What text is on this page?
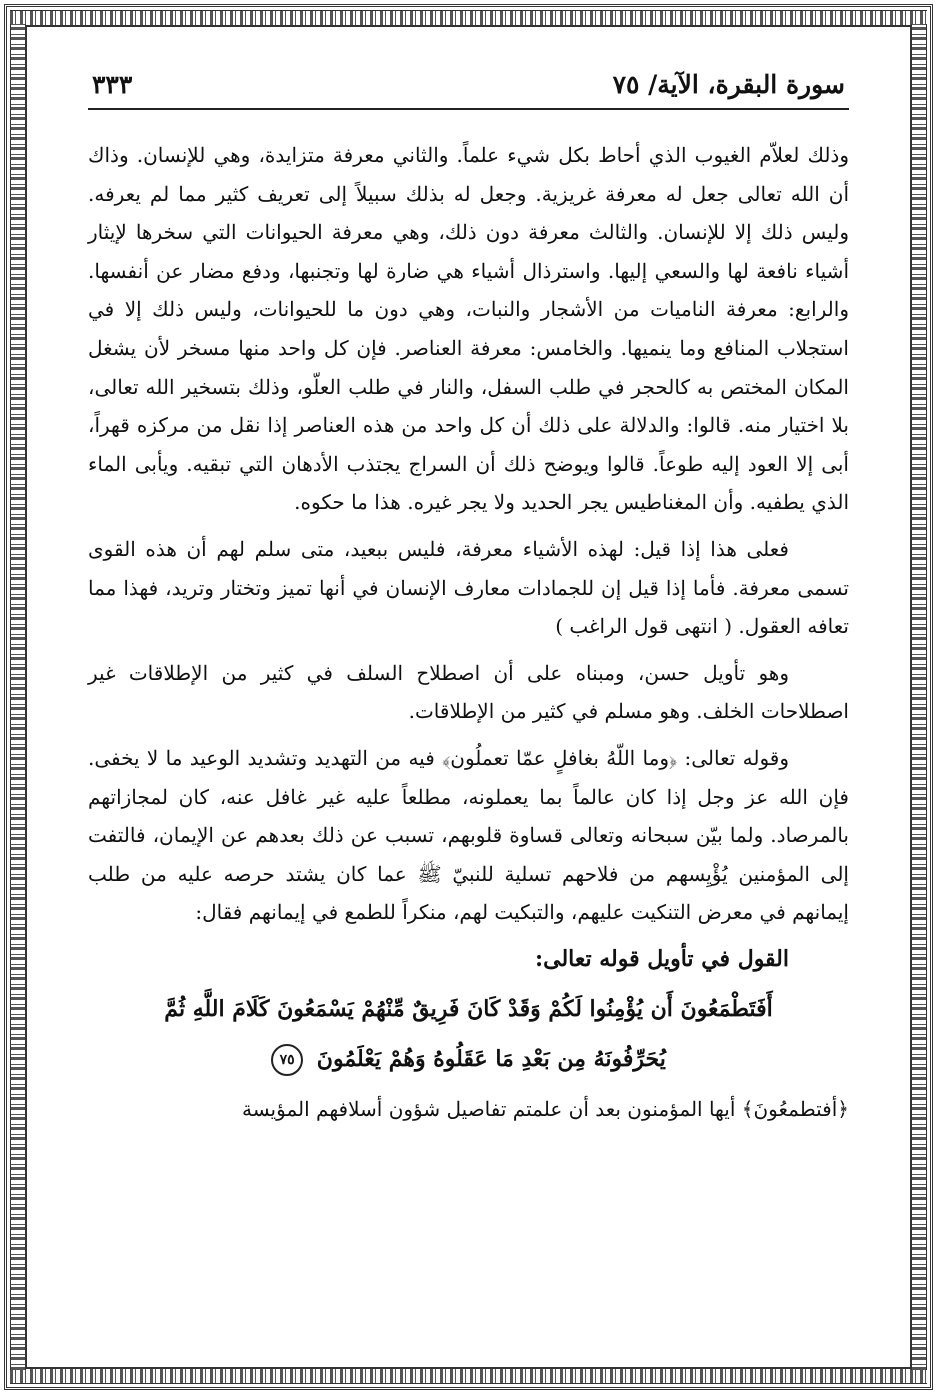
سورة البقرة، الآية/ ٧٥
٣٣٣

وذلك لعلاّم الغيوب الذي أحاط بكل شيء علماً. والثاني معرفة متزايدة، وهي للإنسان. وذاك أن الله تعالى جعل له معرفة غريزية. وجعل له بذلك سبيلاً إلى تعريف كثير مما لم يعرفه. وليس ذلك إلا للإنسان. والثالث معرفة دون ذلك، وهي معرفة الحيوانات التي سخرها لإيثار أشياء نافعة لها والسعي إليها. واسترذال أشياء هي ضارة لها وتجنبها، ودفع مضار عن أنفسها. والرابع: معرفة الناميات من الأشجار والنبات، وهي دون ما للحيوانات، وليس ذلك إلا في استجلاب المنافع وما ينميها. والخامس: معرفة العناصر. فإن كل واحد منها مسخر لأن يشغل المكان المختص به كالحجر في طلب السفل، والنار في طلب العلّو، وذلك بتسخير الله تعالى، بلا اختيار منه. قالوا: والدلالة على ذلك أن كل واحد من هذه العناصر إذا نقل من مركزه قهراً، أبى إلا العود إليه طوعاً. قالوا ويوضح ذلك أن السراج يجتذب الأدهان التي تبقيه. ويأبى الماء الذي يطفيه. وأن المغناطيس يجر الحديد ولا يجر غيره. هذا ما حكوه.

فعلى هذا إذا قيل: لهذه الأشياء معرفة، فليس ببعيد، متى سلم لهم أن هذه القوى تسمى معرفة. فأما إذا قيل إن للجمادات معارف الإنسان في أنها تميز وتختار وتريد، فهذا مما تعافه العقول. ( انتهى قول الراغب )

وهو تأويل حسن، ومبناه على أن اصطلاح السلف في كثير من الإطلاقات غير اصطلاحات الخلف. وهو مسلم في كثير من الإطلاقات.

وقوله تعالى: ﴿وما اللّهُ بغافلٍ عمّا تعملُون﴾ فيه من التهديد وتشديد الوعيد ما لا يخفى. فإن الله عز وجل إذا كان عالماً بما يعملونه، مطلعاً عليه غير غافل عنه، كان لمجازاتهم بالمرصاد. ولما بيّن سبحانه وتعالى قساوة قلوبهم، تسبب عن ذلك بعدهم عن الإيمان، فالتفت إلى المؤمنين يُؤْيِسهم من فلاحهم تسلية للنبيّ ﷺ عما كان يشتد حرصه عليه من طلب إيمانهم في معرض التنكيت عليهم، والتبكيت لهم، منكراً للطمع في إيمانهم فقال:

القول في تأويل قوله تعالى:

أَفَتَطْمَعُونَ أَن يُؤْمِنُوا لَكُمْ وَقَدْ كَانَ فَرِيقٌ مِّنْهُمْ يَسْمَعُونَ كَلَامَ اللَّهِ ثُمَّ

يُحَرِّفُونَهُ مِن بَعْدِ مَا عَقَلُوهُ وَهُمْ يَعْلَمُونَ ٧٥

﴿أفتطمعُونَ﴾ أيها المؤمنون بعد أن علمتم تفاصيل شؤون أسلافهم المؤيسة
